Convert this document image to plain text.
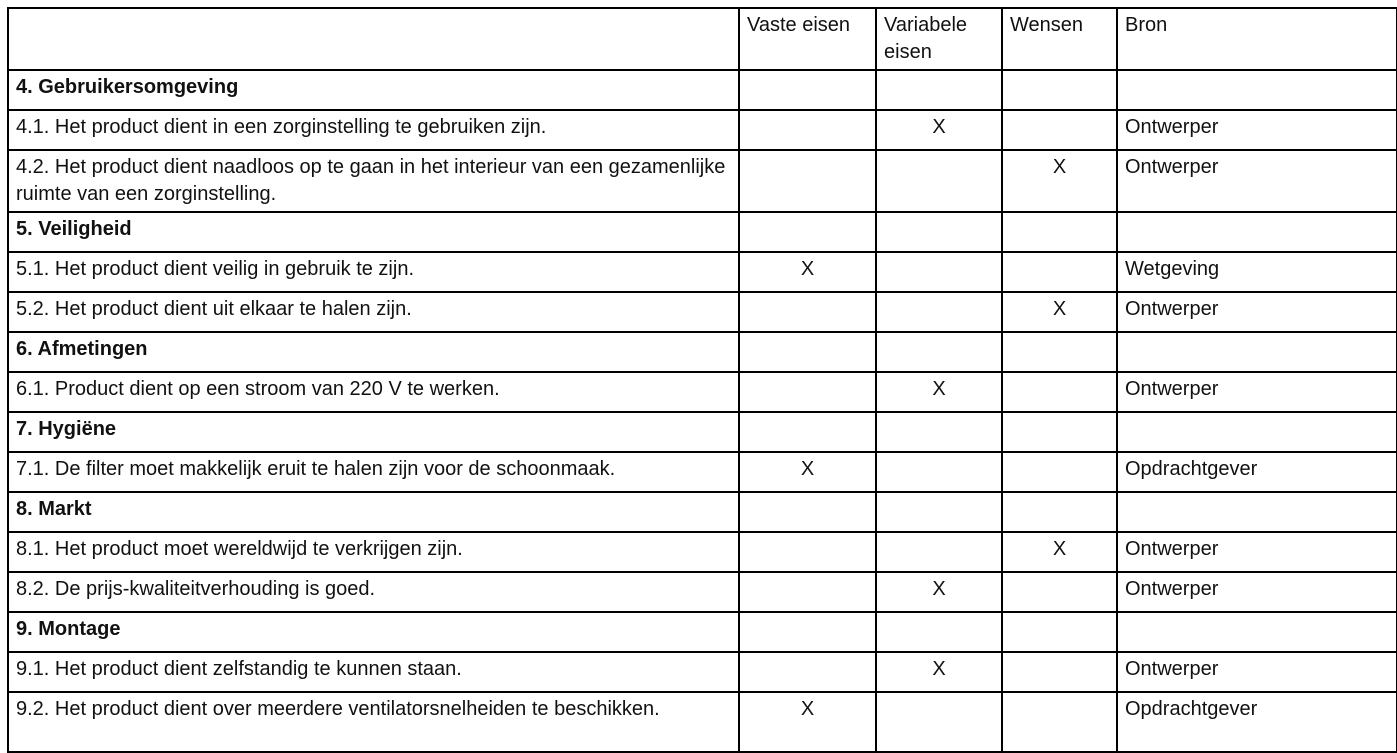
	Vaste eisen	Variabele eisen	Wensen	Bron
4. Gebruikersomgeving				
4.1. Het product dient in een zorginstelling te gebruiken zijn.		X		Ontwerper
4.2. Het product dient naadloos op te gaan in het interieur van een gezamenlijke ruimte van een zorginstelling.			X	Ontwerper
5. Veiligheid				
5.1. Het product dient veilig in gebruik te zijn.	X			Wetgeving
5.2. Het product dient uit elkaar te halen zijn.			X	Ontwerper
6. Afmetingen				
6.1. Product dient op een stroom van 220 V te werken.		X		Ontwerper
7. Hygiëne				
7.1. De filter moet makkelijk eruit te halen zijn voor de schoonmaak.	X			Opdrachtgever
8. Markt				
8.1. Het product moet wereldwijd te verkrijgen zijn.			X	Ontwerper
8.2. De prijs-kwaliteitverhouding is goed.		X		Ontwerper
9. Montage				
9.1. Het product dient zelfstandig te kunnen staan.		X		Ontwerper
9.2. Het product dient over meerdere ventilatorsnelheiden te beschikken.	X			Opdrachtgever
